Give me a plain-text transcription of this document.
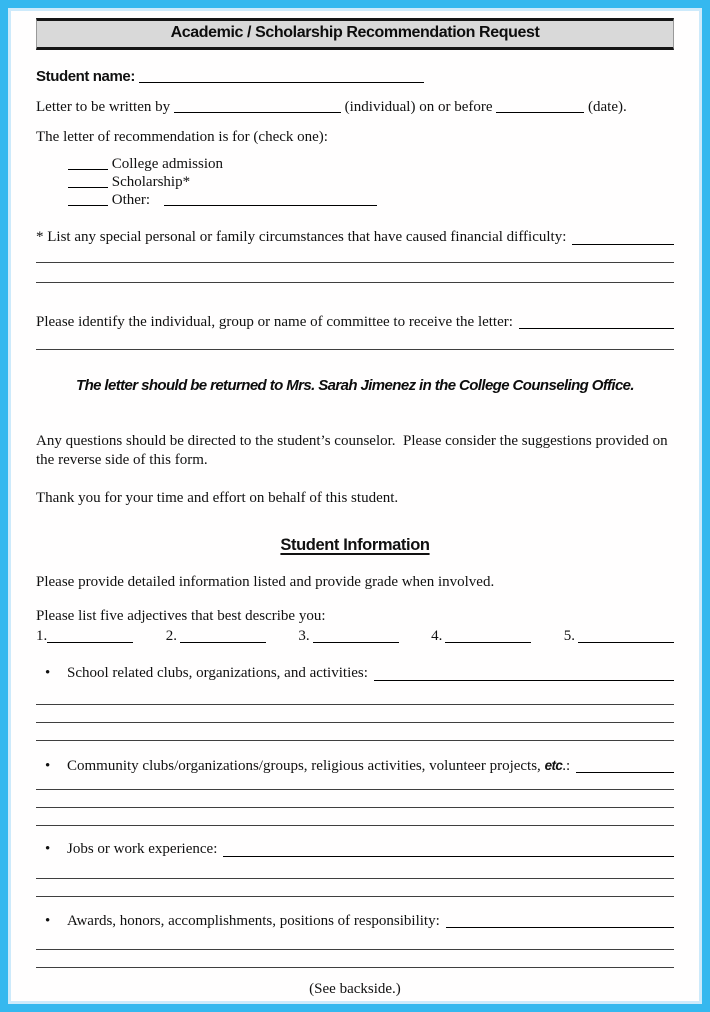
Academic / Scholarship Recommendation Request
Student name:
Letter to be written by	(individual) on or before	(date).
The letter of recommendation is for (check one):
College admission
Scholarship*
Other:
* List any special personal or family circumstances that have caused financial difficulty:
Please identify the individual, group or name of committee to receive the letter:
The letter should be returned to Mrs. Sarah Jimenez in the College Counseling Office.
Any questions should be directed to the student’s counselor.  Please consider the suggestions provided on the reverse side of this form.
Thank you for your time and effort on behalf of this student.
Student Information
Please provide detailed information listed and provide grade when involved.
Please list five adjectives that best describe you:
1.	2.	3.	4.	5.
•	School related clubs, organizations, and activities:
•	Community clubs/organizations/groups, religious activities, volunteer projects, etc.:
•	Jobs or work experience:
•	Awards, honors, accomplishments, positions of responsibility:
(See backside.)
